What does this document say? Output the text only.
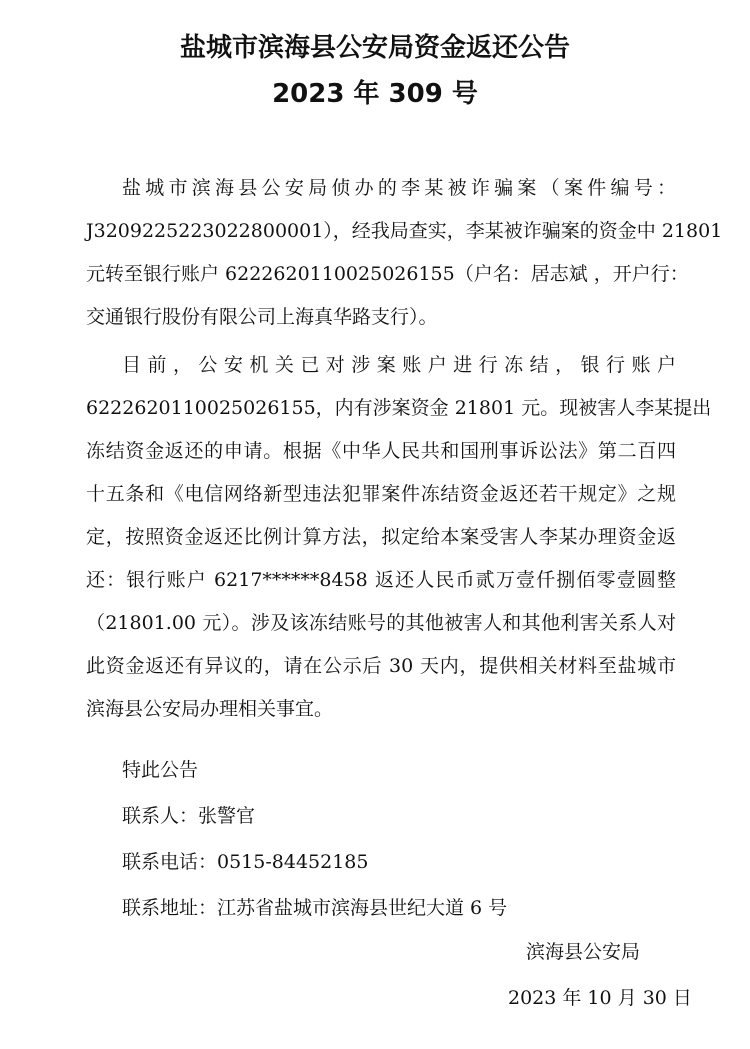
盐城市滨海县公安局资金返还公告
2023 年 309 号
盐城市滨海县公安局侦办的李某被诈骗案（案件编号：
J3209225223022800001），经我局查实，李某被诈骗案的资金中 21801
元转至银行账户 6222620110025026155（户名：居志斌 ，开户行：
交通银行股份有限公司上海真华路支行）。
目前，公安机关已对涉案账户进行冻结，银行账户
6222620110025026155，内有涉案资金 21801 元。现被害人李某提出
冻结资金返还的申请。根据《中华人民共和国刑事诉讼法》第二百四
十五条和《电信网络新型违法犯罪案件冻结资金返还若干规定》之规
定，按照资金返还比例计算方法，拟定给本案受害人李某办理资金返
还：银行账户 6217******8458 返还人民币贰万壹仟捌佰零壹圆整
（21801.00 元）。涉及该冻结账号的其他被害人和其他利害关系人对
此资金返还有异议的，请在公示后 30 天内，提供相关材料至盐城市
滨海县公安局办理相关事宜。
特此公告
联系人：张警官
联系电话：0515-84452185
联系地址：江苏省盐城市滨海县世纪大道 6 号
滨海县公安局
2023 年 10 月 30 日
